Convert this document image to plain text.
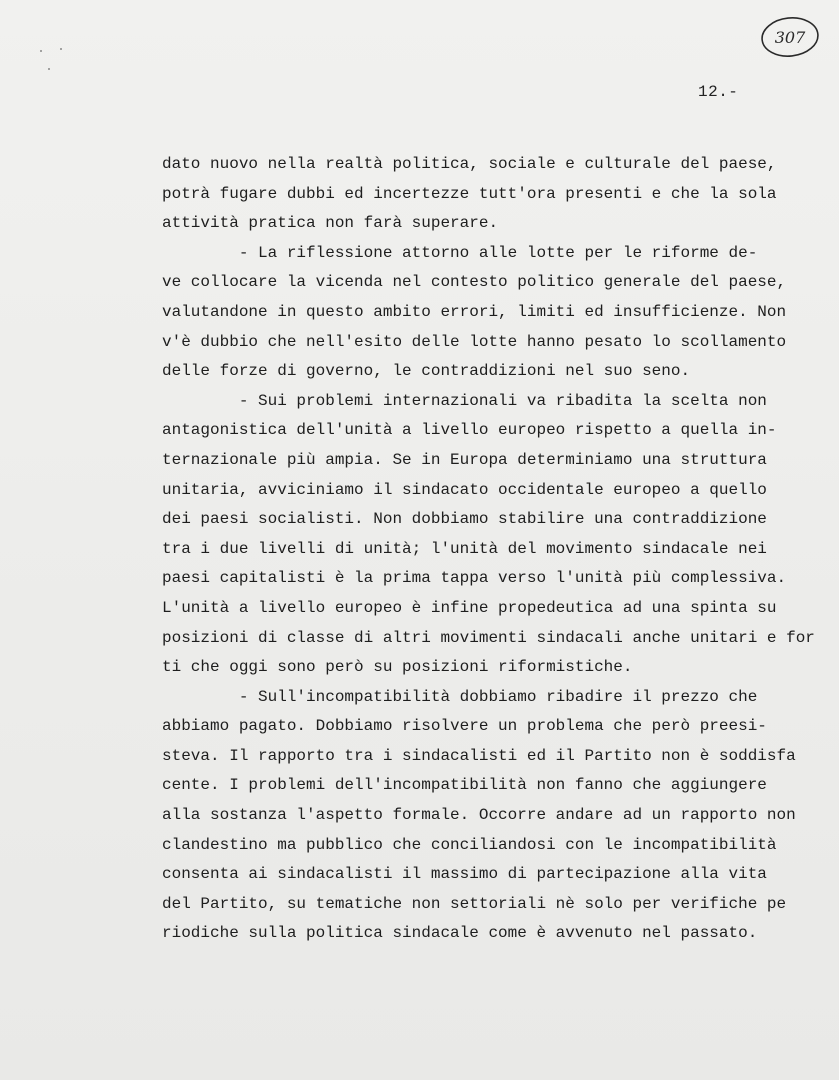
307
12.-
dato nuovo nella realtà politica, sociale e culturale del paese,
potrà fugare dubbi ed incertezze tutt'ora presenti e che la sola
attività pratica non farà superare.
- La riflessione attorno alle lotte per le riforme de-
ve collocare la vicenda nel contesto politico generale del paese,
valutandone in questo ambito errori, limiti ed insufficienze. Non
v'è dubbio che nell'esito delle lotte hanno pesato lo scollamento
delle forze di governo, le contraddizioni nel suo seno.
- Sui problemi internazionali va ribadita la scelta non
antagonistica dell'unità a livello europeo rispetto a quella in-
ternazionale più ampia. Se in Europa determiniamo una struttura
unitaria, avviciniamo il sindacato occidentale europeo a quello
dei paesi socialisti. Non dobbiamo stabilire una contraddizione
tra i due livelli di unità; l'unità del movimento sindacale nei
paesi capitalisti è la prima tappa verso l'unità più complessiva.
L'unità a livello europeo è infine propedeutica ad una spinta su
posizioni di classe di altri movimenti sindacali anche unitari e for
ti che oggi sono però su posizioni riformistiche.
- Sull'incompatibilità dobbiamo ribadire il prezzo che
abbiamo pagato. Dobbiamo risolvere un problema che però preesi-
steva. Il rapporto tra i sindacalisti ed il Partito non è soddisfa
cente. I problemi dell'incompatibilità non fanno che aggiungere
alla sostanza l'aspetto formale. Occorre andare ad un rapporto non
clandestino ma pubblico che conciliandosi con le incompatibilità
consenta ai sindacalisti il massimo di partecipazione alla vita
del Partito, su tematiche non settoriali nè solo per verifiche pe
riodiche sulla politica sindacale come è avvenuto nel passato.
